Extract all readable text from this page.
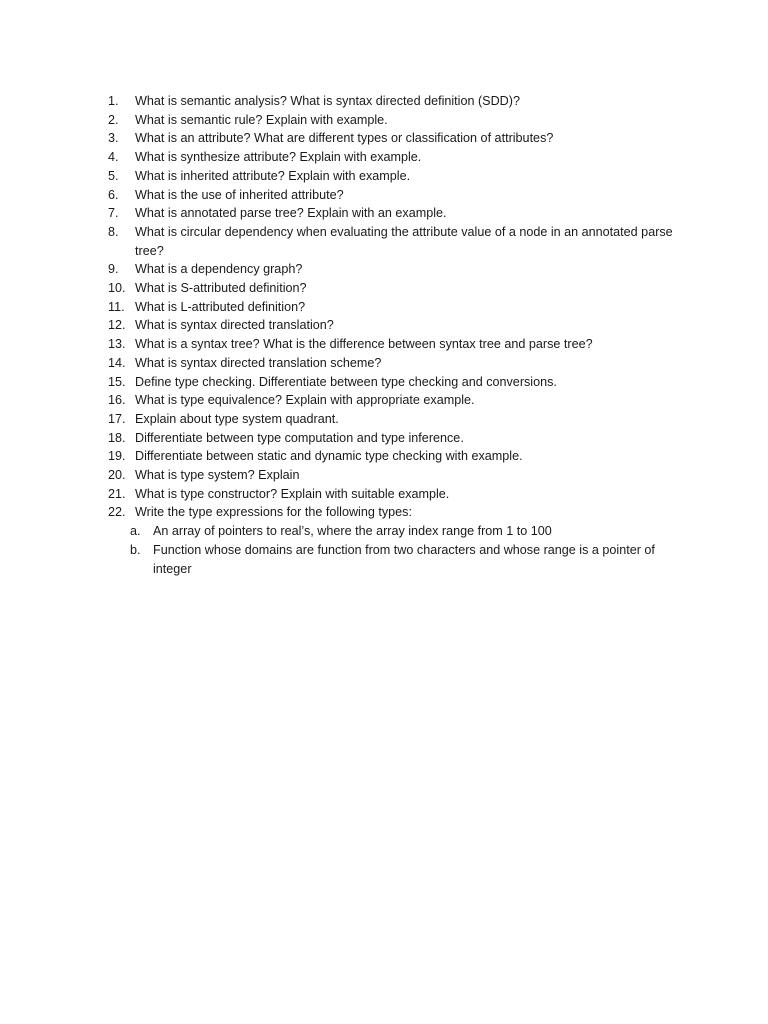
1.	What is semantic analysis? What is syntax directed definition (SDD)?
2.	What is semantic rule? Explain with example.
3.	What is an attribute? What are different types or classification of attributes?
4.	What is synthesize attribute? Explain with example.
5.	What is inherited attribute? Explain with example.
6.	What is the use of inherited attribute?
7.	What is annotated parse tree? Explain with an example.
8.	What is circular dependency when evaluating the attribute value of a node in an annotated parse tree?
9.	What is a dependency graph?
10. What is S-attributed definition?
11. What is L-attributed definition?
12. What is syntax directed translation?
13. What is a syntax tree? What is the difference between syntax tree and parse tree?
14. What is syntax directed translation scheme?
15. Define type checking. Differentiate between type checking and conversions.
16. What is type equivalence? Explain with appropriate example.
17. Explain about type system quadrant.
18. Differentiate between type computation and type inference.
19. Differentiate between static and dynamic type checking with example.
20. What is type system? Explain
21. What is type constructor? Explain with suitable example.
22. Write the type expressions for the following types:
a. An array of pointers to real’s, where the array index range from 1 to 100
b. Function whose domains are function from two characters and whose range is a pointer of integer
